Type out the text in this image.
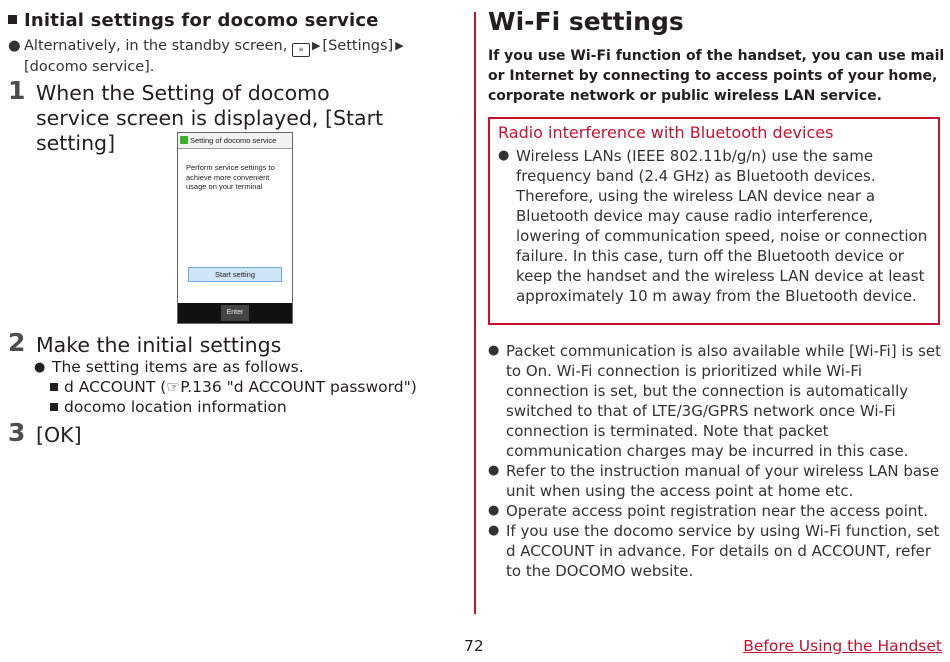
Initial settings for docomo service
● Alternatively, in the standby screen, ≡ ▶ [Settings] ▶ [docomo service].
1 When the Setting of docomo service screen is displayed, [Start setting]	Setting of docomo service
Perform service settings to achieve more convenient usage on your terminal
Start setting
Enter
2 Make the initial settings
● The setting items are as follows.
d ACCOUNT (☞P.136 "d ACCOUNT password")
docomo location information
3 [OK]
Wi-Fi settings
If you use Wi-Fi function of the handset, you can use mail or Internet by connecting to access points of your home, corporate network or public wireless LAN service.
Radio interference with Bluetooth devices
● Wireless LANs (IEEE 802.11b/g/n) use the same frequency band (2.4 GHz) as Bluetooth devices. Therefore, using the wireless LAN device near a Bluetooth device may cause radio interference, lowering of communication speed, noise or connection failure. In this case, turn off the Bluetooth device or keep the handset and the wireless LAN device at least approximately 10 m away from the Bluetooth device.
● Packet communication is also available while [Wi-Fi] is set to On. Wi-Fi connection is prioritized while Wi-Fi connection is set, but the connection is automatically switched to that of LTE/3G/GPRS network once Wi-Fi connection is terminated. Note that packet communication charges may be incurred in this case.
● Refer to the instruction manual of your wireless LAN base unit when using the access point at home etc.
● Operate access point registration near the access point.
● If you use the docomo service by using Wi-Fi function, set d ACCOUNT in advance. For details on d ACCOUNT, refer to the DOCOMO website.
72	Before Using the Handset
